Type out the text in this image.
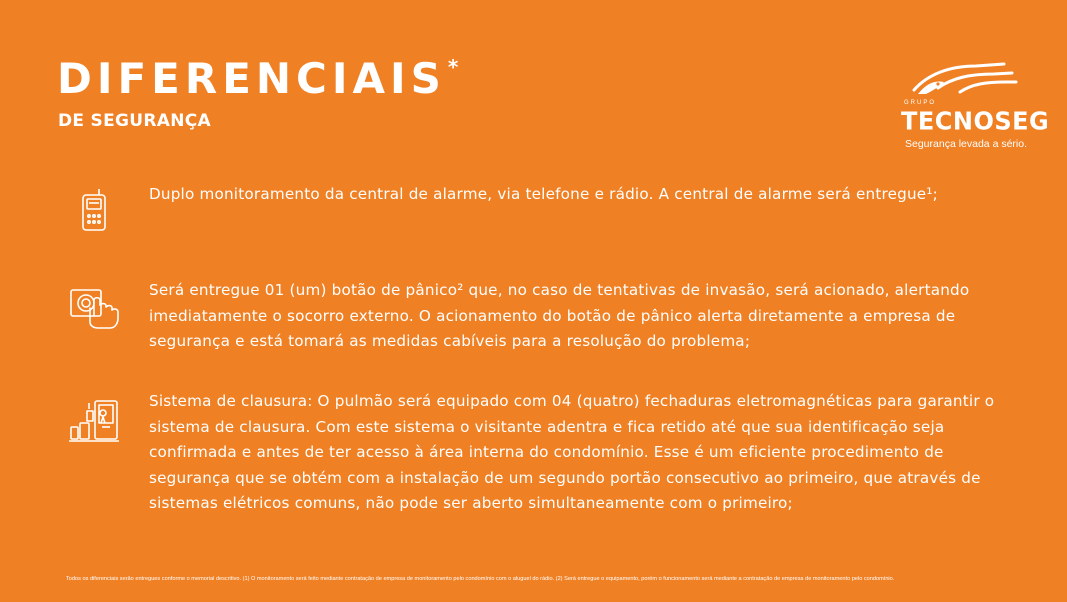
DIFERENCIAIS *
DE SEGURANÇA
GRUPO
TECNOSEG
Segurança levada a sério.
Duplo monitoramento da central de alarme, via telefone e rádio. A central de alarme será entregue¹;
Será entregue 01 (um) botão de pânico² que, no caso de tentativas de invasão, será acionado, alertando imediatamente o socorro externo. O acionamento do botão de pânico alerta diretamente a empresa de segurança e está tomará as medidas cabíveis para a resolução do problema;
Sistema de clausura: O pulmão será equipado com 04 (quatro) fechaduras eletromagnéticas para garantir o sistema de clausura. Com este sistema o visitante adentra e fica retido até que sua identificação seja confirmada e antes de ter acesso à área interna do condomínio. Esse é um eficiente procedimento de segurança que se obtém com a instalação de um segundo portão consecutivo ao primeiro, que através de sistemas elétricos comuns, não pode ser aberto simultaneamente com o primeiro;
Todos os diferenciais serão entregues conforme o memorial descritivo. (1) O monitoramento será feito mediante contratação de empresa de monitoramento pelo condomínio com o aluguel do rádio. (2) Será entregue o equipamento, porém o funcionamento será mediante a contratação de empresa de monitoramento pelo condomínio.
